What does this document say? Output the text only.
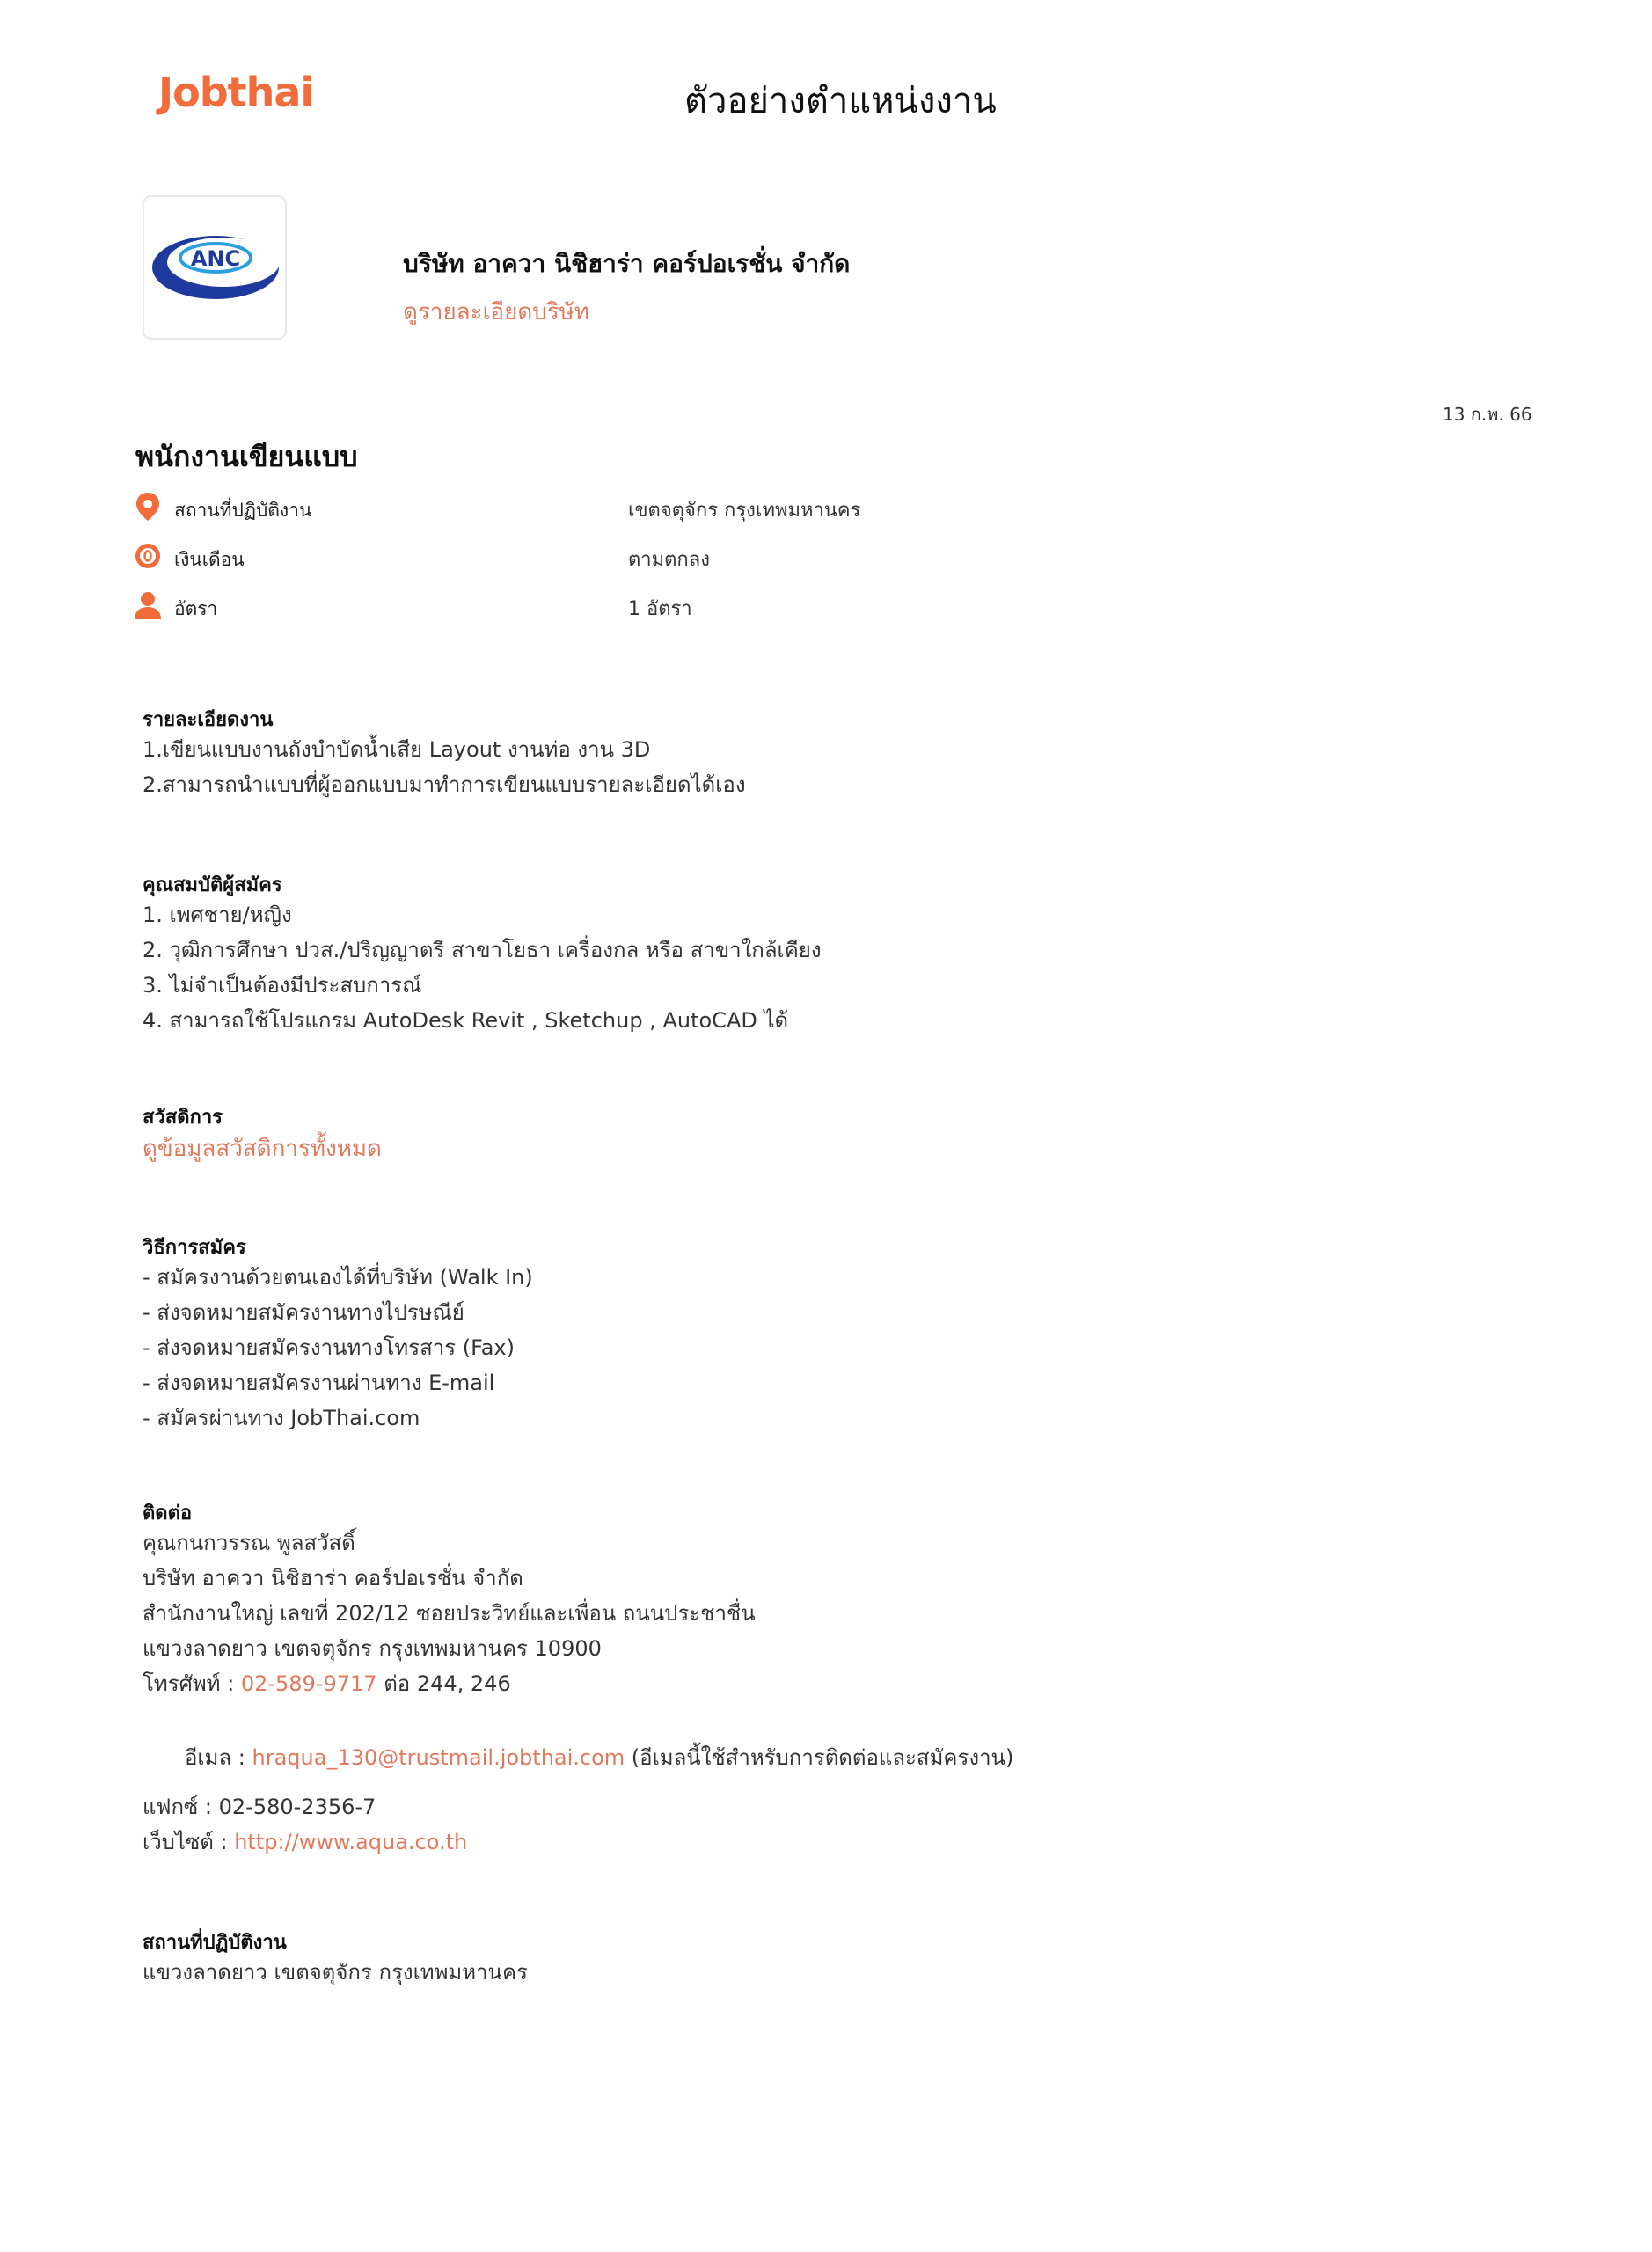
Jobthai	ตัวอย่างตำแหน่งงาน
ANC	บริษัท อาควา นิชิฮาร่า คอร์ปอเรชั่น จำกัด
ดูรายละเอียดบริษัท
13 ก.พ. 66
พนักงานเขียนแบบ
สถานที่ปฏิบัติงาน	เขตจตุจักร กรุงเทพมหานคร
เงินเดือน	ตามตกลง
อัตรา	1 อัตรา
รายละเอียดงาน
1.เขียนแบบงานถังบำบัดน้ำเสีย Layout งานท่อ งาน 3D
2.สามารถนำแบบที่ผู้ออกแบบมาทำการเขียนแบบรายละเอียดได้เอง
คุณสมบัติผู้สมัคร
1. เพศชาย/หญิง
2. วุฒิการศึกษา ปวส./ปริญญาตรี สาขาโยธา เครื่องกล หรือ สาขาใกล้เคียง
3. ไม่จำเป็นต้องมีประสบการณ์
4. สามารถใช้โปรแกรม AutoDesk Revit , Sketchup , AutoCAD ได้
สวัสดิการ
ดูข้อมูลสวัสดิการทั้งหมด
วิธีการสมัคร
- สมัครงานด้วยตนเองได้ที่บริษัท (Walk In)
- ส่งจดหมายสมัครงานทางไปรษณีย์
- ส่งจดหมายสมัครงานทางโทรสาร (Fax)
- ส่งจดหมายสมัครงานผ่านทาง E-mail
- สมัครผ่านทาง JobThai.com
ติดต่อ
คุณกนกวรรณ พูลสวัสดิ์
บริษัท อาควา นิชิฮาร่า คอร์ปอเรชั่น จำกัด
สำนักงานใหญ่ เลขที่ 202/12 ซอยประวิทย์และเพื่อน ถนนประชาชื่น
แขวงลาดยาว เขตจตุจักร กรุงเทพมหานคร 10900
โทรศัพท์ : 02-589-9717 ต่อ 244, 246
อีเมล : hraqua_130@trustmail.jobthai.com (อีเมลนี้ใช้สำหรับการติดต่อและสมัครงาน)
แฟกซ์ : 02-580-2356-7
เว็บไซต์ : http://www.aqua.co.th
สถานที่ปฏิบัติงาน
แขวงลาดยาว เขตจตุจักร กรุงเทพมหานคร
